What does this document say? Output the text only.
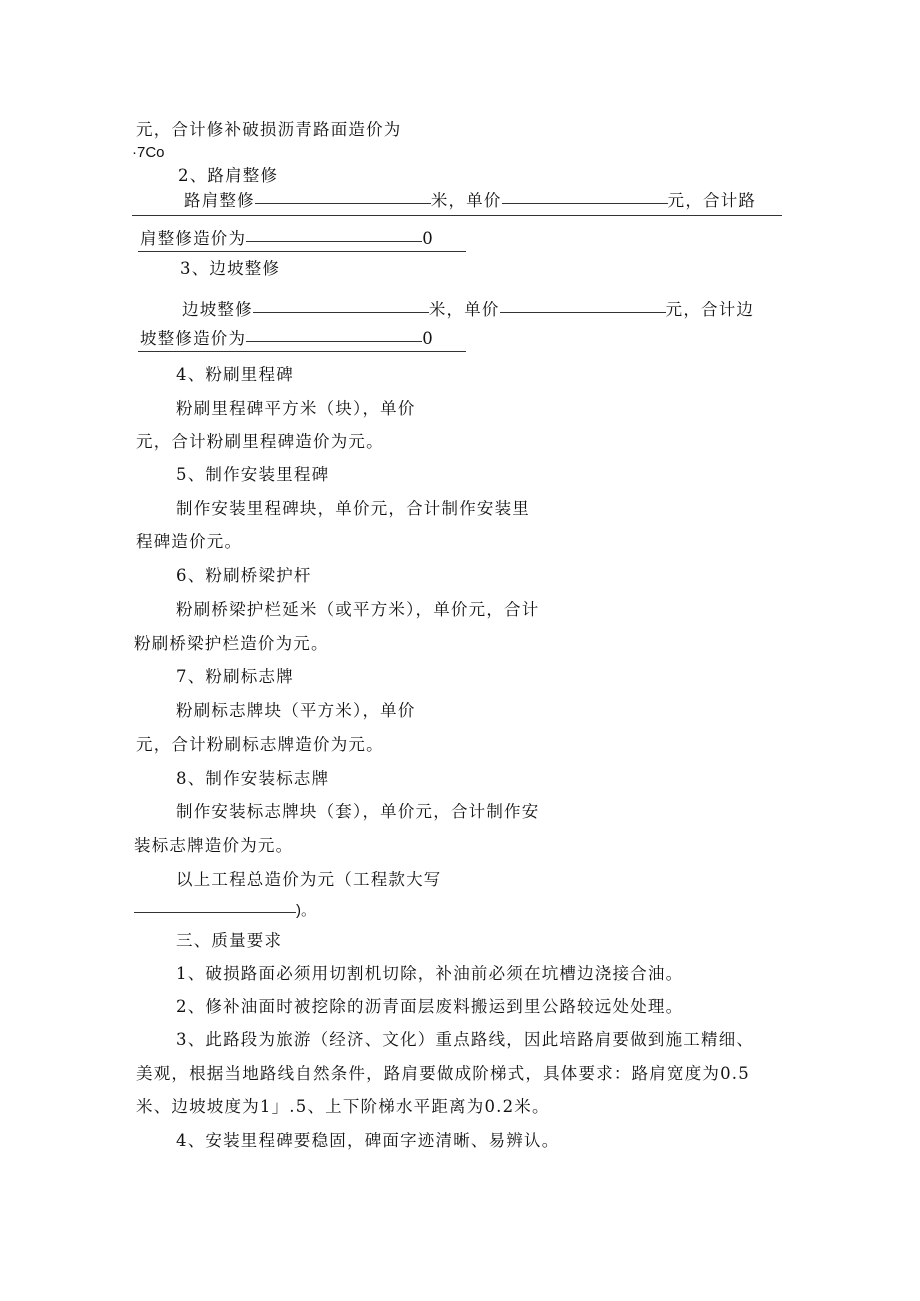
元，合计修补破损沥青路面造价为
·7Co
2、路肩整修
路肩整修	米，单价	元，合计路
肩整修造价为	0
3、边坡整修
边坡整修	米，单价	元，合计边
坡整修造价为	0
4、粉刷里程碑
粉刷里程碑平方米（块），单价
元，合计粉刷里程碑造价为元。
5、制作安装里程碑
制作安装里程碑块，单价元，合计制作安装里
程碑造价元。
6、粉刷桥梁护杆
粉刷桥梁护栏延米（或平方米），单价元，合计
粉刷桥梁护栏造价为元。
7、粉刷标志牌
粉刷标志牌块（平方米），单价
元，合计粉刷标志牌造价为元。
8、制作安装标志牌
制作安装标志牌块（套），单价元，合计制作安
装标志牌造价为元。
以上工程总造价为元（工程款大写
)。
三、质量要求
1、破损路面必须用切割机切除，补油前必须在坑槽边浇接合油。
2、修补油面时被挖除的沥青面层废料搬运到里公路较远处处理。
3、此路段为旅游（经济、文化）重点路线，因此培路肩要做到施工精细、
美观，根据当地路线自然条件，路肩要做成阶梯式，具体要求：路肩宽度为0.5
米、边坡坡度为1」.5、上下阶梯水平距离为0.2米。
4、安装里程碑要稳固，碑面字迹清晰、易辨认。
